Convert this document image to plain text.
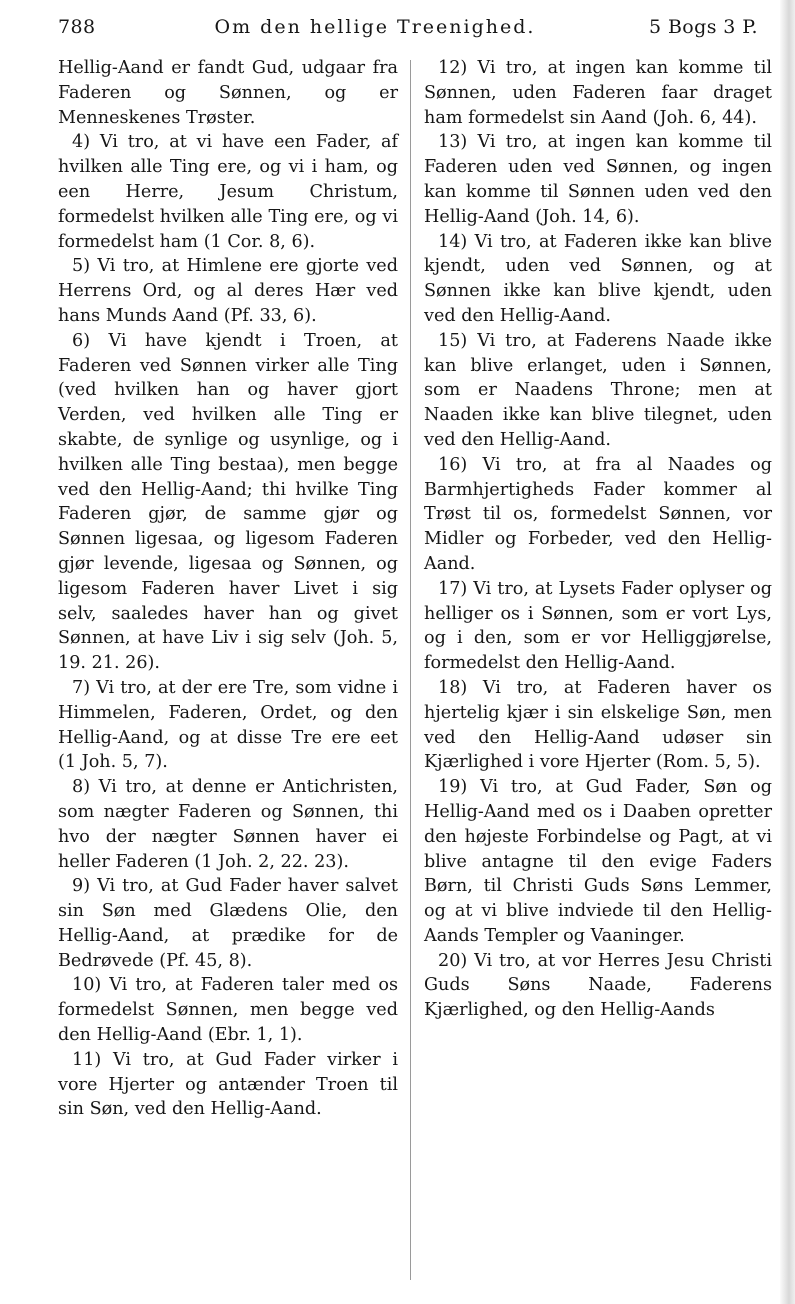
788	Om den hellige Treenighed.	5 Bogs 3 P.

Hellig-Aand er fandt Gud, udgaar fra Faderen og Sønnen, og er Menneskenes Trøster.

4) Vi tro, at vi have een Fader, af hvilken alle Ting ere, og vi i ham, og een Herre, Jesum Christum, formedelst hvilken alle Ting ere, og vi formedelst ham (1 Cor. 8, 6).

5) Vi tro, at Himlene ere gjorte ved Herrens Ord, og al deres Hær ved hans Munds Aand (Pf. 33, 6).

6) Vi have kjendt i Troen, at Faderen ved Sønnen virker alle Ting (ved hvilken han og haver gjort Verden, ved hvilken alle Ting er skabte, de synlige og usynlige, og i hvilken alle Ting bestaa), men begge ved den Hellig-Aand; thi hvilke Ting Faderen gjør, de samme gjør og Sønnen ligesaa, og ligesom Faderen gjør levende, ligesaa og Sønnen, og ligesom Faderen haver Livet i sig selv, saaledes haver han og givet Sønnen, at have Liv i sig selv (Joh. 5, 19. 21. 26).

7) Vi tro, at der ere Tre, som vidne i Himmelen, Faderen, Ordet, og den Hellig-Aand, og at disse Tre ere eet (1 Joh. 5, 7).

8) Vi tro, at denne er Antichristen, som nægter Faderen og Sønnen, thi hvo der nægter Sønnen haver ei heller Faderen (1 Joh. 2, 22. 23).

9) Vi tro, at Gud Fader haver salvet sin Søn med Glædens Olie, den Hellig-Aand, at prædike for de Bedrøvede (Pf. 45, 8).

10) Vi tro, at Faderen taler med os formedelst Sønnen, men begge ved den Hellig-Aand (Ebr. 1, 1).

11) Vi tro, at Gud Fader virker i vore Hjerter og antænder Troen til sin Søn, ved den Hellig-Aand.

12) Vi tro, at ingen kan komme til Sønnen, uden Faderen faar draget ham formedelst sin Aand (Joh. 6, 44).

13) Vi tro, at ingen kan komme til Faderen uden ved Sønnen, og ingen kan komme til Sønnen uden ved den Hellig-Aand (Joh. 14, 6).

14) Vi tro, at Faderen ikke kan blive kjendt, uden ved Sønnen, og at Sønnen ikke kan blive kjendt, uden ved den Hellig-Aand.

15) Vi tro, at Faderens Naade ikke kan blive erlanget, uden i Sønnen, som er Naadens Throne; men at Naaden ikke kan blive tilegnet, uden ved den Hellig-Aand.

16) Vi tro, at fra al Naades og Barmhjertigheds Fader kommer al Trøst til os, formedelst Sønnen, vor Midler og Forbeder, ved den Hellig-Aand.

17) Vi tro, at Lysets Fader oplyser og helliger os i Sønnen, som er vort Lys, og i den, som er vor Helliggjørelse, formedelst den Hellig-Aand.

18) Vi tro, at Faderen haver os hjertelig kjær i sin elskelige Søn, men ved den Hellig-Aand udøser sin Kjærlighed i vore Hjerter (Rom. 5, 5).

19) Vi tro, at Gud Fader, Søn og Hellig-Aand med os i Daaben opretter den højeste Forbindelse og Pagt, at vi blive antagne til den evige Faders Børn, til Christi Guds Søns Lemmer, og at vi blive indviede til den Hellig-Aands Templer og Vaaninger.

20) Vi tro, at vor Herres Jesu Christi Guds Søns Naade, Faderens Kjærlighed, og den Hellig-Aands
